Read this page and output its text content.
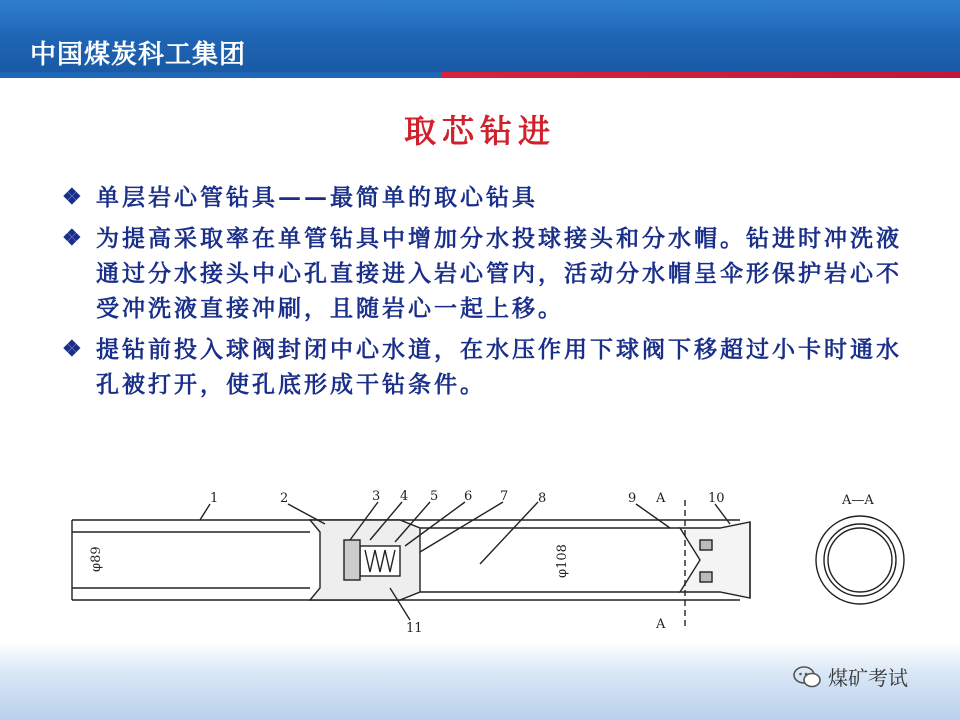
中国煤炭科工集团
取芯钻进
❖ 单层岩心管钻具——最简单的取心钻具
❖ 为提高采取率在单管钻具中增加分水投球接头和分水帽。钻进时冲洗液通过分水接头中心孔直接进入岩心管内，活动分水帽呈伞形保护岩心不受冲洗液直接冲刷，且随岩心一起上移。
❖ 提钻前投入球阀封闭中心水道，在水压作用下球阀下移超过小卡时通水孔被打开，使孔底形成干钻条件。
1	2	3 4 5 6 7 8	9	10
11
φ89	φ108
A
A
A—A
煤矿考试
